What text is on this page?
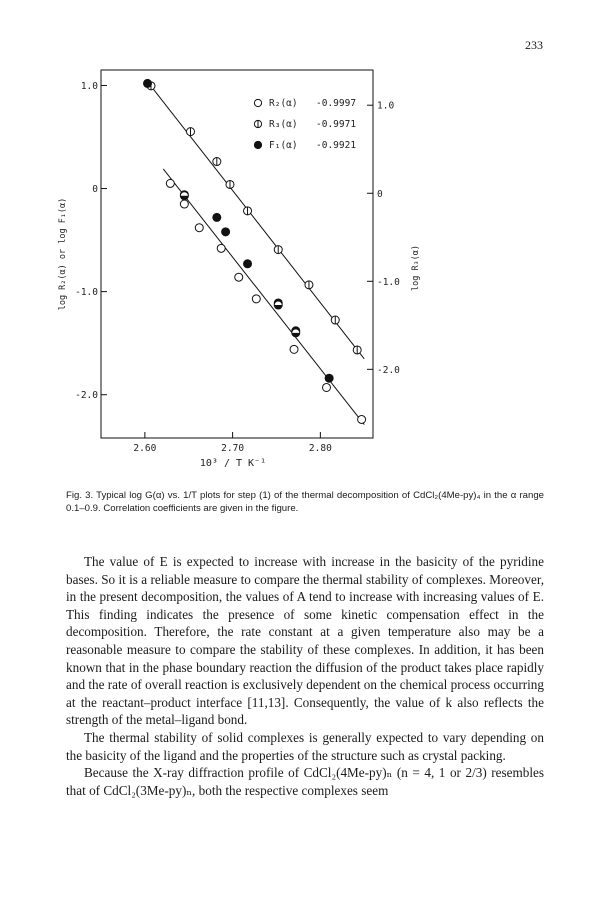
233
2.60	2.70	2.80
1.0
0
-1.0
-2.0
1.0
0
-1.0
-2.0
10³ / T K⁻¹
log R₂(α) or log F₁(α)	log R₃(α)
R₂(α) -0.9997
R₃(α) -0.9971
F₁(α) -0.9921
Fig. 3. Typical log G(α) vs. 1/T plots for step (1) of the thermal decomposition of CdCl₂(4Me-py)₄ in the α range 0.1–0.9. Correlation coefficients are given in the figure.

The value of E is expected to increase with increase in the basicity of the pyridine bases. So it is a reliable measure to compare the thermal stability of complexes. Moreover, in the present decomposition, the values of A tend to increase with increasing values of E. This finding indicates the presence of some kinetic compensation effect in the decomposition. Therefore, the rate constant at a given temperature also may be a reasonable measure to compare the stability of these complexes. In addition, it has been known that in the phase boundary reaction the diffusion of the product takes place rapidly and the rate of overall reaction is exclusively dependent on the chemical process occurring at the reactant–product interface [11,13]. Consequently, the value of k also reflects the strength of the metal–ligand bond.

The thermal stability of solid complexes is generally expected to vary depending on the basicity of the ligand and the properties of the structure such as crystal packing.

Because the X-ray diffraction profile of CdCl₂(4Me-py)ₙ (n = 4, 1 or 2/3) resembles that of CdCl₂(3Me-py)ₙ, both the respective complexes seem
